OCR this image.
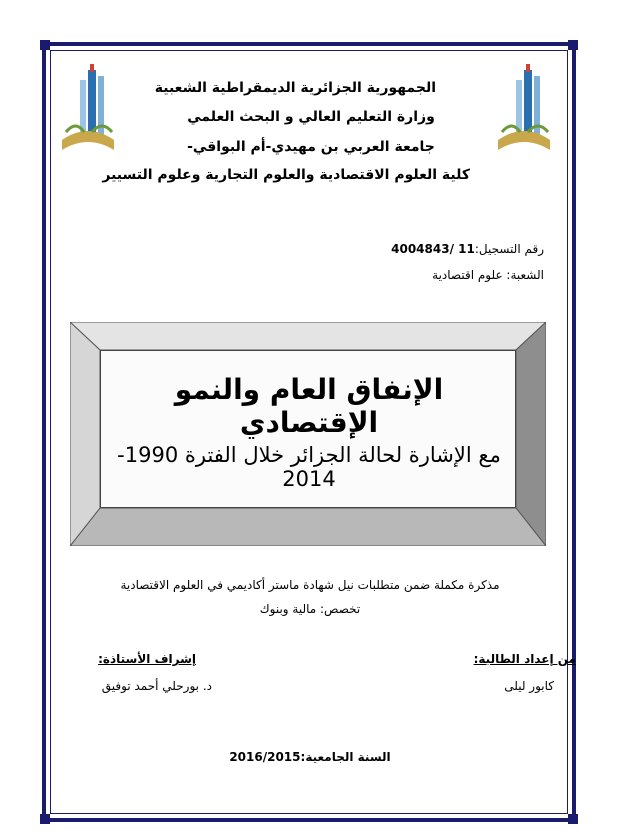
الجمهورية الجزائرية الديمقراطية الشعبية
وزارة التعليم العالي و البحث العلمي
جامعة العربي بن مهيدي-أم البواقي-
كلية العلوم الاقتصادية والعلوم التجارية وعلوم التسيير
رقم التسجيل:11 /4004843
الشعبة: علوم اقتصادية
الإنفاق العام والنمو الإقتصادي
مع الإشارة لحالة الجزائر خلال الفترة 1990-2014
مذكرة مكملة ضمن متطلبات نيل شهادة ماستر أكاديمي في العلوم الاقتصادية
تخصص: مالية وبنوك
من إعداد الطالبة:
كابور ليلى
إشراف الأستاذة:
د. بورحلي أحمد توفيق
السنة الجامعية:2016/2015
